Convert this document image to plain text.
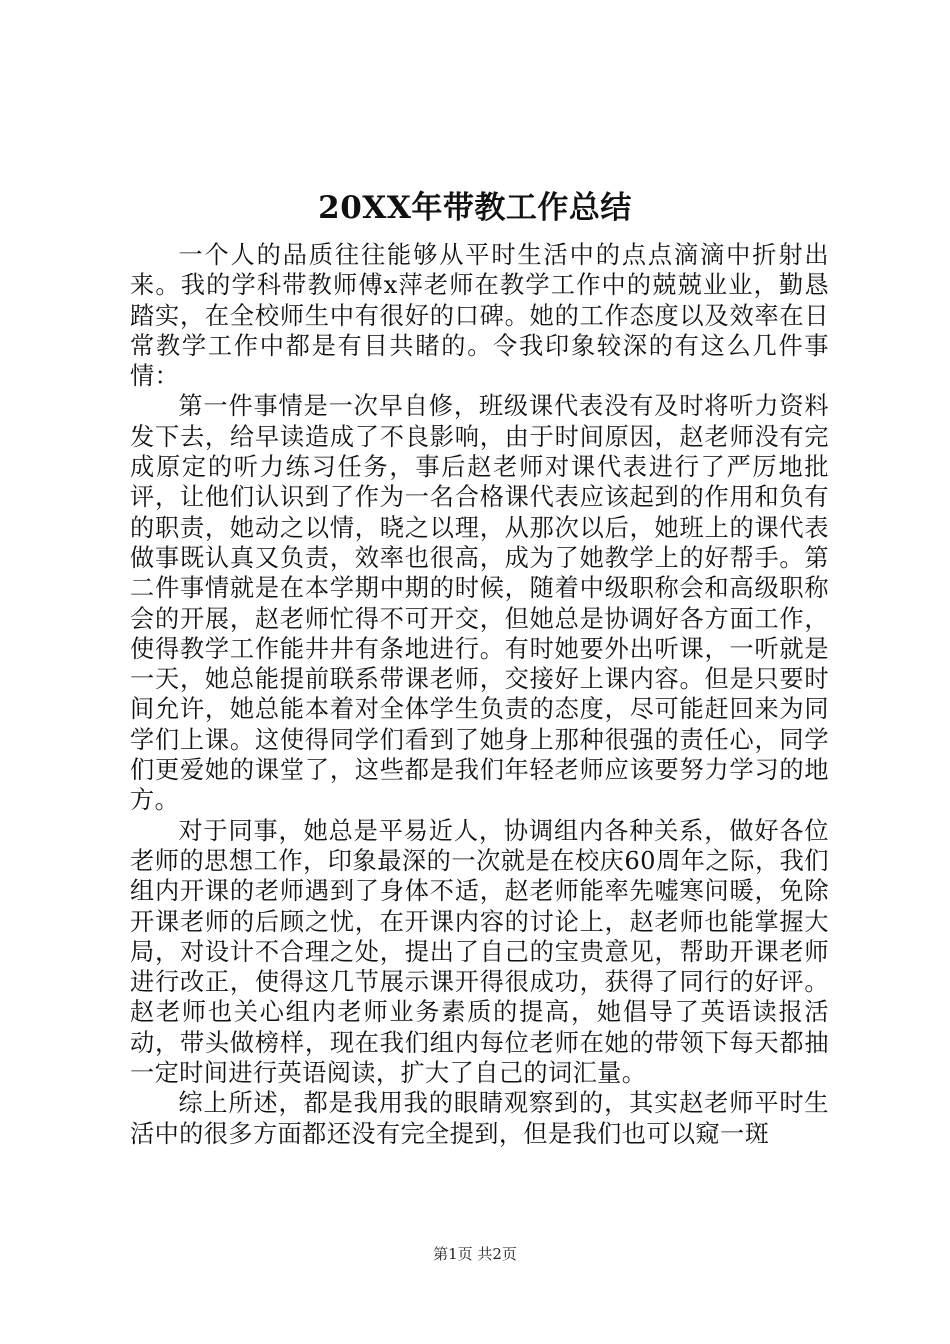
20XX年带教工作总结

一个人的品质往往能够从平时生活中的点点滴滴中折射出来。我的学科带教师傅x萍老师在教学工作中的兢兢业业，勤恳踏实，在全校师生中有很好的口碑。她的工作态度以及效率在日常教学工作中都是有目共睹的。令我印象较深的有这么几件事情：

第一件事情是一次早自修，班级课代表没有及时将听力资料发下去，给早读造成了不良影响，由于时间原因，赵老师没有完成原定的听力练习任务，事后赵老师对课代表进行了严厉地批评，让他们认识到了作为一名合格课代表应该起到的作用和负有的职责，她动之以情，晓之以理，从那次以后，她班上的课代表做事既认真又负责，效率也很高，成为了她教学上的好帮手。第二件事情就是在本学期中期的时候，随着中级职称会和高级职称会的开展，赵老师忙得不可开交，但她总是协调好各方面工作，使得教学工作能井井有条地进行。有时她要外出听课，一听就是一天，她总能提前联系带课老师，交接好上课内容。但是只要时间允许，她总能本着对全体学生负责的态度，尽可能赶回来为同学们上课。这使得同学们看到了她身上那种很强的责任心，同学们更爱她的课堂了，这些都是我们年轻老师应该要努力学习的地方。

对于同事，她总是平易近人，协调组内各种关系，做好各位老师的思想工作，印象最深的一次就是在校庆60周年之际，我们组内开课的老师遇到了身体不适，赵老师能率先嘘寒问暖，免除开课老师的后顾之忧，在开课内容的讨论上，赵老师也能掌握大局，对设计不合理之处，提出了自己的宝贵意见，帮助开课老师进行改正，使得这几节展示课开得很成功，获得了同行的好评。赵老师也关心组内老师业务素质的提高，她倡导了英语读报活动，带头做榜样，现在我们组内每位老师在她的带领下每天都抽一定时间进行英语阅读，扩大了自己的词汇量。

综上所述，都是我用我的眼睛观察到的，其实赵老师平时生活中的很多方面都还没有完全提到，但是我们也可以窥一斑

第1页 共2页
